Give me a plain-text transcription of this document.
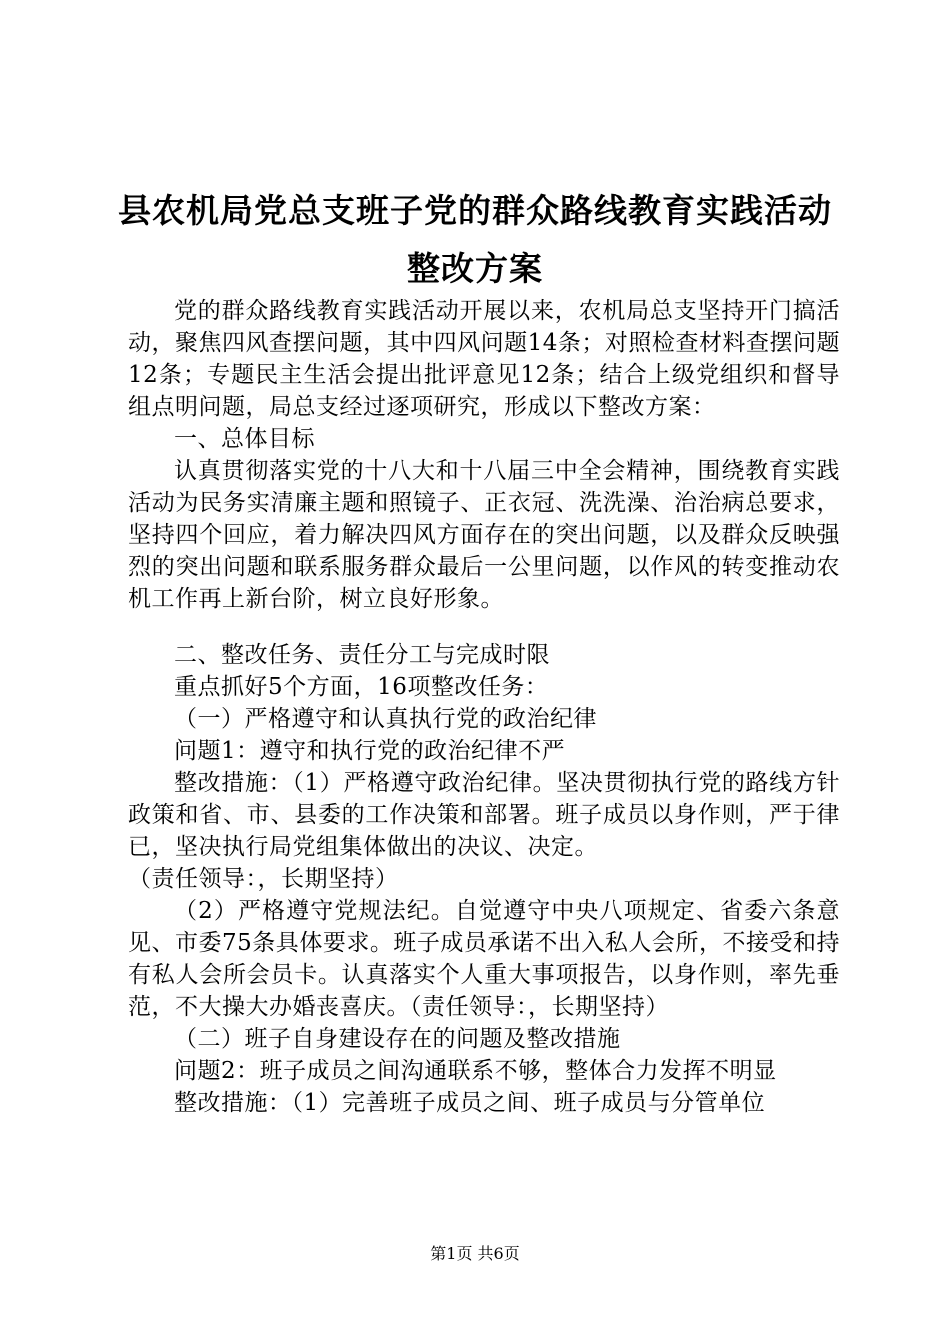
县农机局党总支班子党的群众路线教育实践活动整改方案

党的群众路线教育实践活动开展以来，农机局总支坚持开门搞活动，聚焦四风查摆问题，其中四风问题14条；对照检查材料查摆问题12条；专题民主生活会提出批评意见12条；结合上级党组织和督导组点明问题，局总支经过逐项研究，形成以下整改方案：

一、总体目标

认真贯彻落实党的十八大和十八届三中全会精神，围绕教育实践活动为民务实清廉主题和照镜子、正衣冠、洗洗澡、治治病总要求，坚持四个回应，着力解决四风方面存在的突出问题，以及群众反映强烈的突出问题和联系服务群众最后一公里问题，以作风的转变推动农机工作再上新台阶，树立良好形象。

二、整改任务、责任分工与完成时限

重点抓好5个方面，16项整改任务：

（一）严格遵守和认真执行党的政治纪律

问题1：遵守和执行党的政治纪律不严

整改措施：（1）严格遵守政治纪律。坚决贯彻执行党的路线方针政策和省、市、县委的工作决策和部署。班子成员以身作则，严于律已，坚决执行局党组集体做出的决议、决定。

（责任领导：，长期坚持）

（2）严格遵守党规法纪。自觉遵守中央八项规定、省委六条意见、市委75条具体要求。班子成员承诺不出入私人会所，不接受和持有私人会所会员卡。认真落实个人重大事项报告，以身作则，率先垂范，不大操大办婚丧喜庆。（责任领导：，长期坚持）

（二）班子自身建设存在的问题及整改措施

问题2：班子成员之间沟通联系不够，整体合力发挥不明显

整改措施：（1）完善班子成员之间、班子成员与分管单位

第1页 共6页
